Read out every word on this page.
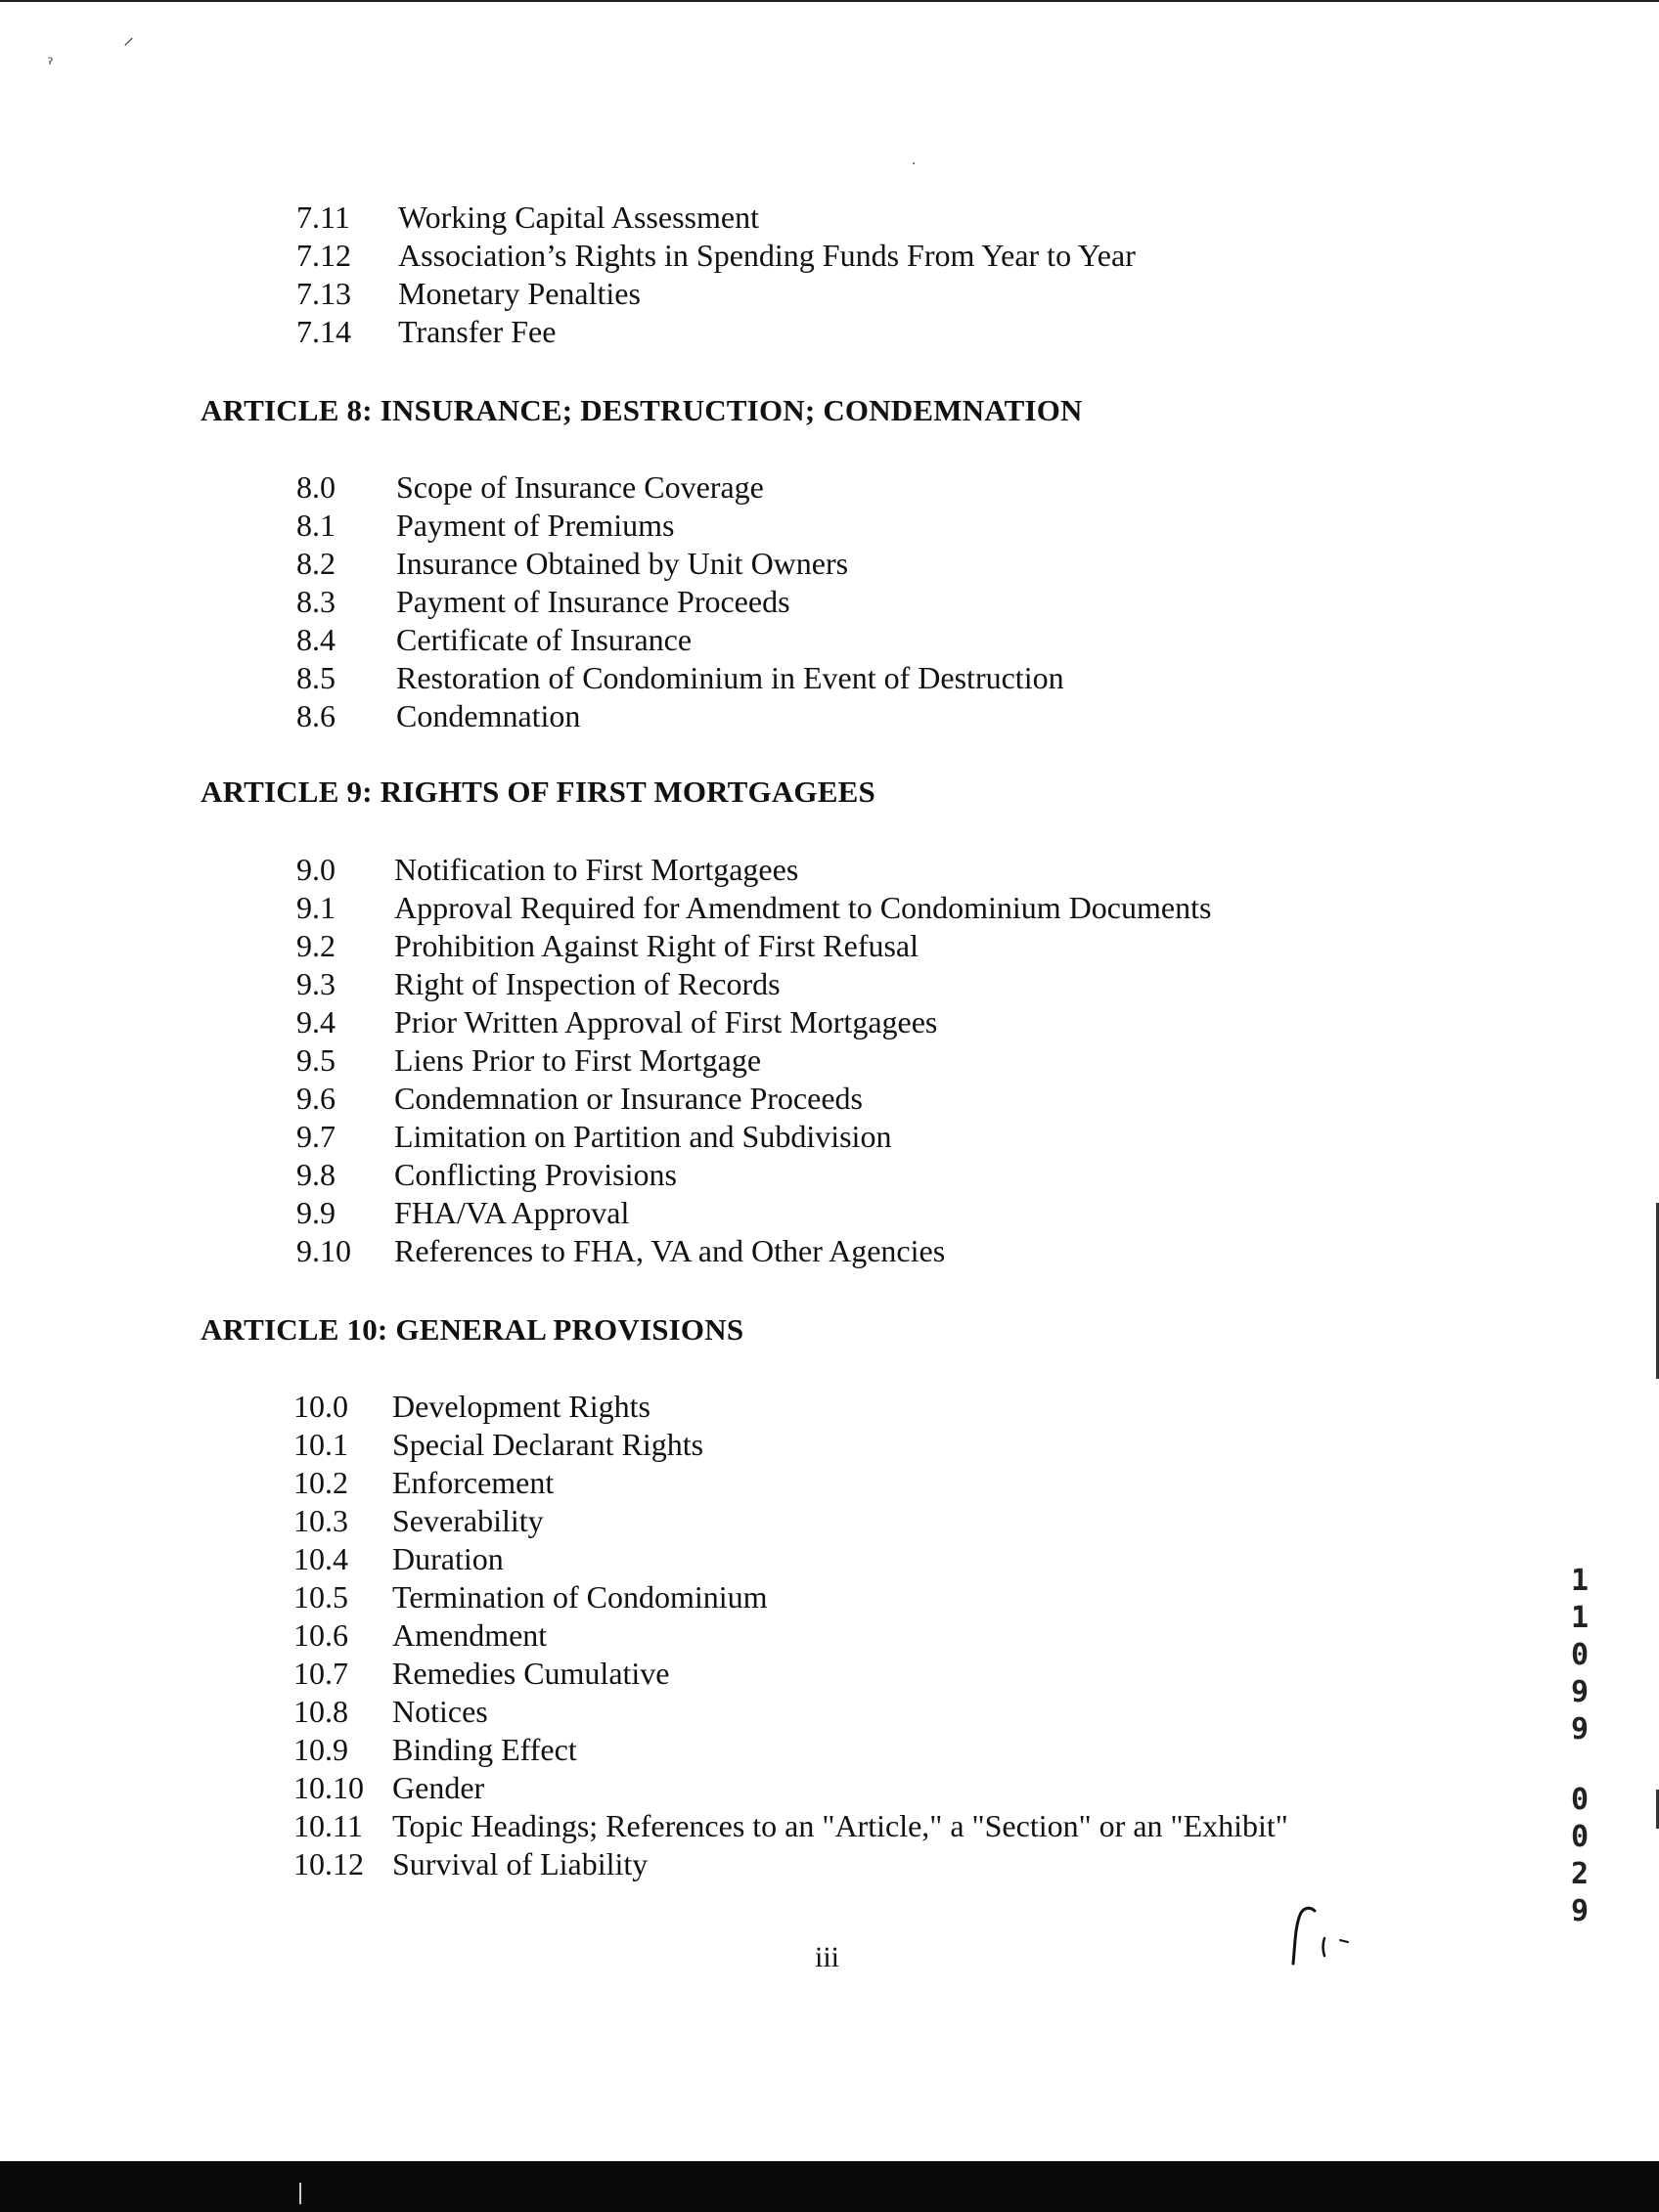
⸝
ˀ
·
7.11 Working Capital Assessment
7.12 Association’s Rights in Spending Funds From Year to Year
7.13 Monetary Penalties
7.14 Transfer Fee
ARTICLE 8: INSURANCE; DESTRUCTION; CONDEMNATION
8.0 Scope of Insurance Coverage
8.1 Payment of Premiums
8.2 Insurance Obtained by Unit Owners
8.3 Payment of Insurance Proceeds
8.4 Certificate of Insurance
8.5 Restoration of Condominium in Event of Destruction
8.6 Condemnation
ARTICLE 9: RIGHTS OF FIRST MORTGAGEES
9.0 Notification to First Mortgagees
9.1 Approval Required for Amendment to Condominium Documents
9.2 Prohibition Against Right of First Refusal
9.3 Right of Inspection of Records
9.4 Prior Written Approval of First Mortgagees
9.5 Liens Prior to First Mortgage
9.6 Condemnation or Insurance Proceeds
9.7 Limitation on Partition and Subdivision
9.8 Conflicting Provisions
9.9 FHA/VA Approval
9.10 References to FHA, VA and Other Agencies
ARTICLE 10: GENERAL PROVISIONS
10.0 Development Rights
10.1 Special Declarant Rights
10.2 Enforcement
10.3 Severability
10.4 Duration
10.5 Termination of Condominium
10.6 Amendment
10.7 Remedies Cumulative
10.8 Notices
10.9 Binding Effect
10.10 Gender
10.11 Topic Headings; References to an "Article," a "Section" or an "Exhibit"
10.12 Survival of Liability
iii
1
1
0
9
9
0
0
2
9
